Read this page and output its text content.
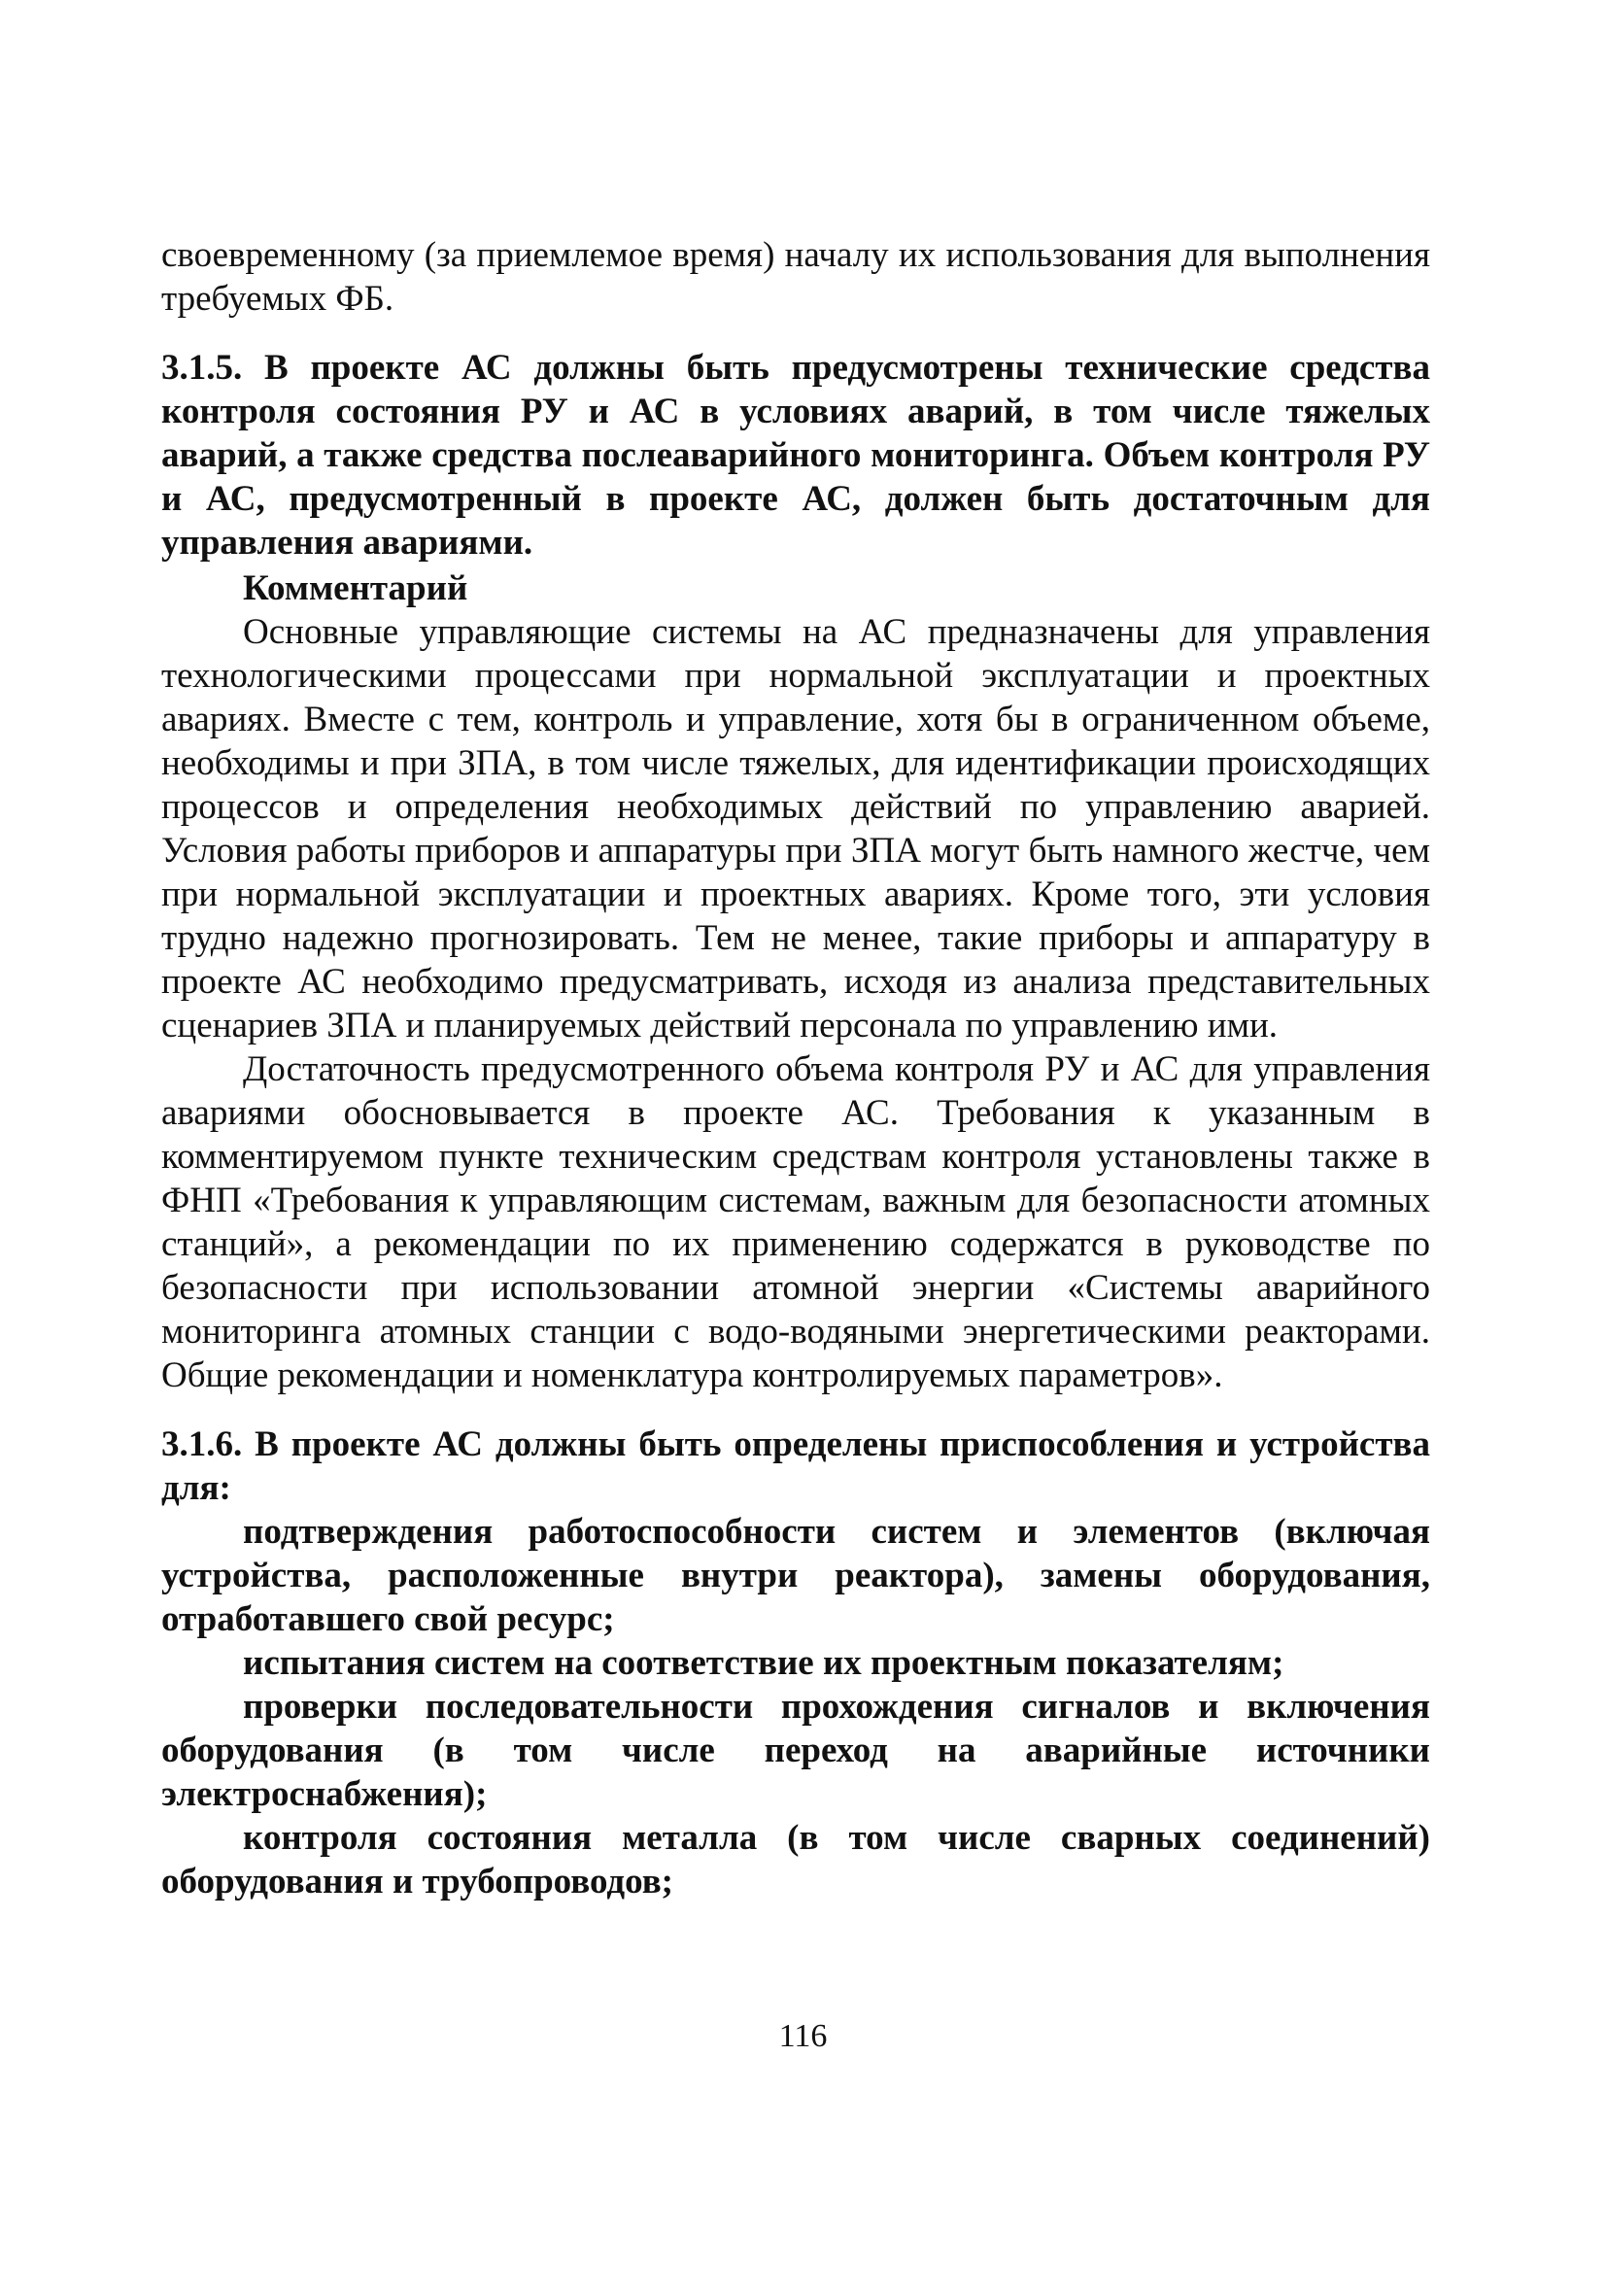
своевременному (за приемлемое время) началу их использования для выполнения требуемых ФБ.

3.1.5. В проекте АС должны быть предусмотрены технические средства контроля состояния РУ и АС в условиях аварий, в том числе тяжелых аварий, а также средства послеаварийного мониторинга. Объем контроля РУ и АС, предусмотренный в проекте АС, должен быть достаточным для управления авариями.

Комментарий

Основные управляющие системы на АС предназначены для управления технологическими процессами при нормальной эксплуатации и проектных авариях. Вместе с тем, контроль и управление, хотя бы в ограниченном объеме, необходимы и при ЗПА, в том числе тяжелых, для идентификации происходящих процессов и определения необходимых действий по управлению аварией. Условия работы приборов и аппаратуры при ЗПА могут быть намного жестче, чем при нормальной эксплуатации и проектных авариях. Кроме того, эти условия трудно надежно прогнозировать. Тем не менее, такие приборы и аппаратуру в проекте АС необходимо предусматривать, исходя из анализа представительных сценариев ЗПА и планируемых действий персонала по управлению ими.

Достаточность предусмотренного объема контроля РУ и АС для управления авариями обосновывается в проекте АС. Требования к указанным в комментируемом пункте техническим средствам контроля установлены также в ФНП «Требования к управляющим системам, важным для безопасности атомных станций», а рекомендации по их применению содержатся в руководстве по безопасности при использовании атомной энергии «Системы аварийного мониторинга атомных станции с водо-водяными энергетическими реакторами. Общие рекомендации и номенклатура контролируемых параметров».

3.1.6. В проекте АС должны быть определены приспособления и устройства для:

подтверждения работоспособности систем и элементов (включая устройства, расположенные внутри реактора), замены оборудования, отработавшего свой ресурс;

испытания систем на соответствие их проектным показателям;

проверки последовательности прохождения сигналов и включения оборудования (в том числе переход на аварийные источники электроснабжения);

контроля состояния металла (в том числе сварных соединений) оборудования и трубопроводов;

116
